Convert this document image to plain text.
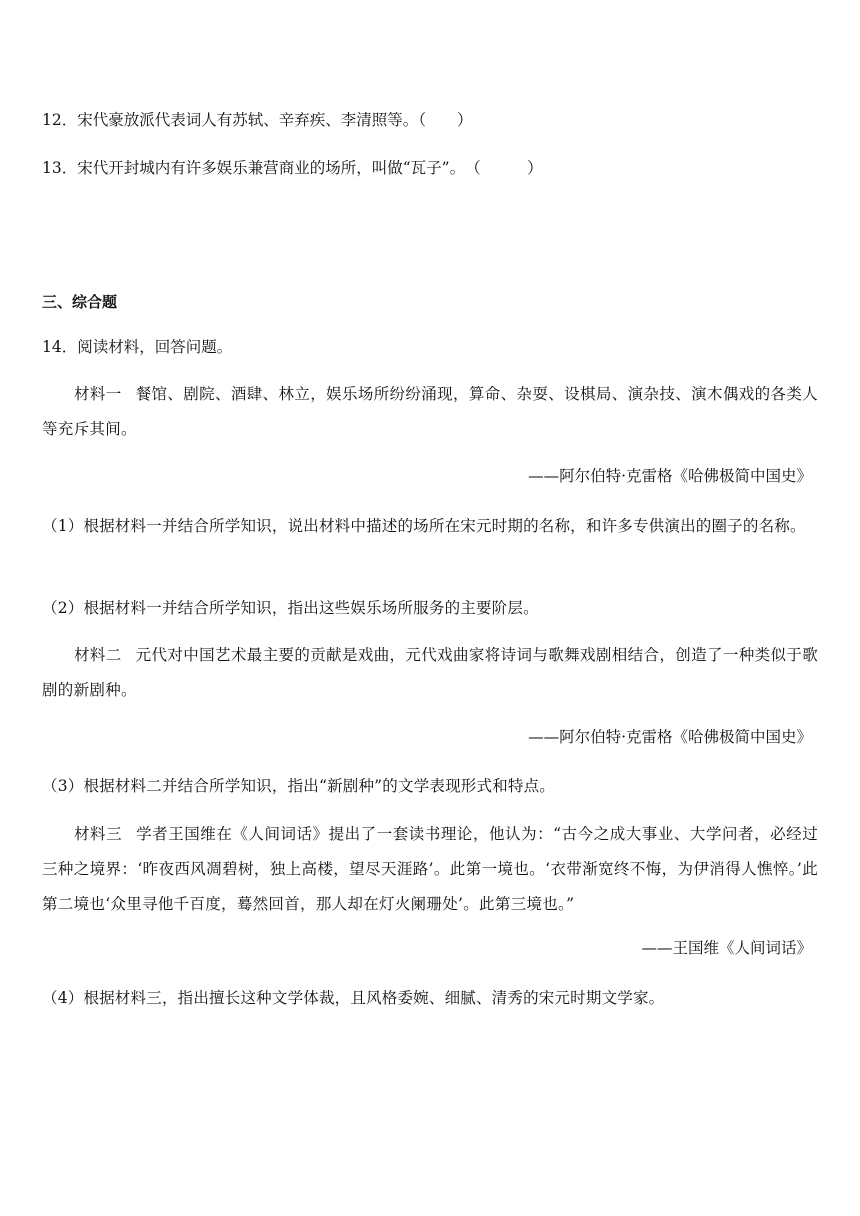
12．宋代豪放派代表词人有苏轼、辛弃疾、李清照等。（　　）
13．宋代开封城内有许多娱乐兼营商业的场所，叫做“瓦子”。　（　　　）
三、综合题
14．阅读材料，回答问题。
材料一 餐馆、剧院、酒肆、林立，娱乐场所纷纷涌现，算命、杂耍、设棋局、演杂技、演木偶戏的各类人等充斥其间。
——阿尔伯特·克雷格《哈佛极简中国史》
（1）根据材料一并结合所学知识，说出材料中描述的场所在宋元时期的名称，和许多专供演出的圈子的名称。
（2）根据材料一并结合所学知识，指出这些娱乐场所服务的主要阶层。
材料二 元代对中国艺术最主要的贡献是戏曲，元代戏曲家将诗词与歌舞戏剧相结合，创造了一种类似于歌剧的新剧种。
——阿尔伯特·克雷格《哈佛极简中国史》
（3）根据材料二并结合所学知识，指出“新剧种”的文学表现形式和特点。
材料三 学者王国维在《人间词话》提出了一套读书理论，他认为：“古今之成大事业、大学问者，必经过三种之境界：‘昨夜西风凋碧树，独上高楼，望尽天涯路’。此第一境也。‘衣带渐宽终不悔，为伊消得人憔悴。’此第二境也‘众里寻他千百度，蓦然回首，那人却在灯火阑珊处’。此第三境也。”
——王国维《人间词话》
（4）根据材料三，指出擅长这种文学体裁，且风格委婉、细腻、清秀的宋元时期文学家。
